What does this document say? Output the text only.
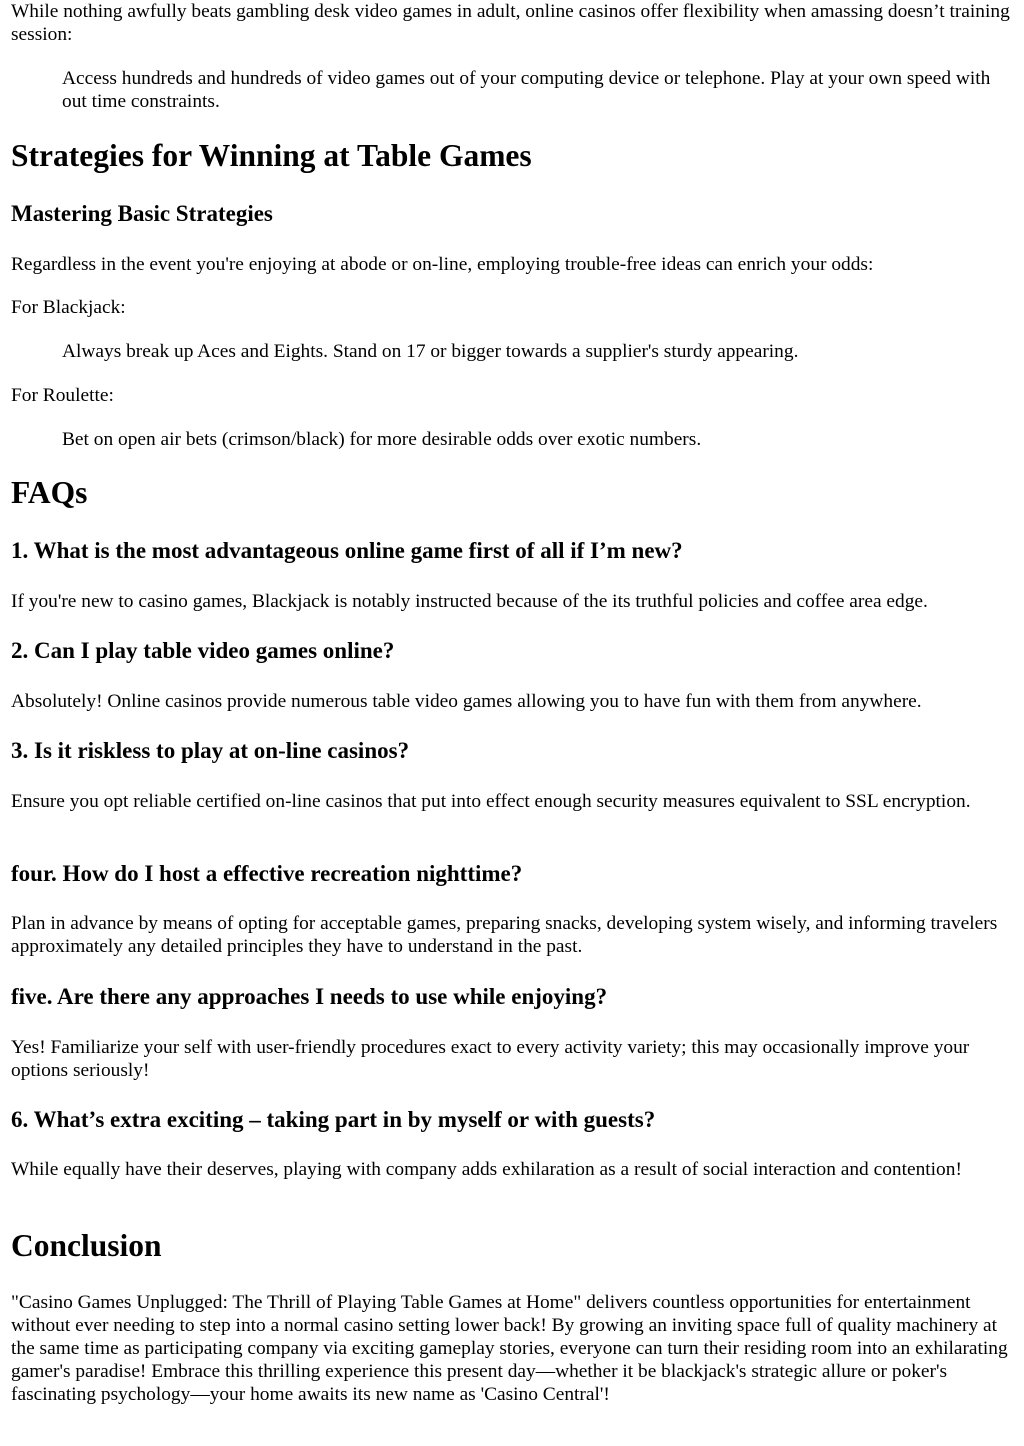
While nothing awfully beats gambling desk video games in adult, online casinos offer flexibility when amassing doesn’t training session:

Access hundreds and hundreds of video games out of your computing device or telephone. Play at your own speed with out time constraints.

Strategies for Winning at Table Games
Mastering Basic Strategies

Regardless in the event you're enjoying at abode or on-line, employing trouble-free ideas can enrich your odds:

For Blackjack:

Always break up Aces and Eights. Stand on 17 or bigger towards a supplier's sturdy appearing.

For Roulette:

Bet on open air bets (crimson/black) for more desirable odds over exotic numbers.

FAQs
1. What is the most advantageous online game first of all if I’m new?

If you're new to casino games, Blackjack is notably instructed because of the its truthful policies and coffee area edge.

2. Can I play table video games online?

Absolutely! Online casinos provide numerous table video games allowing you to have fun with them from anywhere.

3. Is it riskless to play at on-line casinos?

Ensure you opt reliable certified on-line casinos that put into effect enough security measures equivalent to SSL encryption.

four. How do I host a effective recreation nighttime?

Plan in advance by means of opting for acceptable games, preparing snacks, developing system wisely, and informing travelers approximately any detailed principles they have to understand in the past.

five. Are there any approaches I needs to use while enjoying?

Yes! Familiarize your self with user-friendly procedures exact to every activity variety; this may occasionally improve your options seriously!

6. What’s extra exciting – taking part in by myself or with guests?

While equally have their deserves, playing with company adds exhilaration as a result of social interaction and contention!

Conclusion

"Casino Games Unplugged: The Thrill of Playing Table Games at Home" delivers countless opportunities for entertainment without ever needing to step into a normal casino setting lower back! By growing an inviting space full of quality machinery at the same time as participating company via exciting gameplay stories, everyone can turn their residing room into an exhilarating gamer's paradise! Embrace this thrilling experience this present day—whether it be blackjack's strategic allure or poker's fascinating psychology—your home awaits its new name as 'Casino Central'!
